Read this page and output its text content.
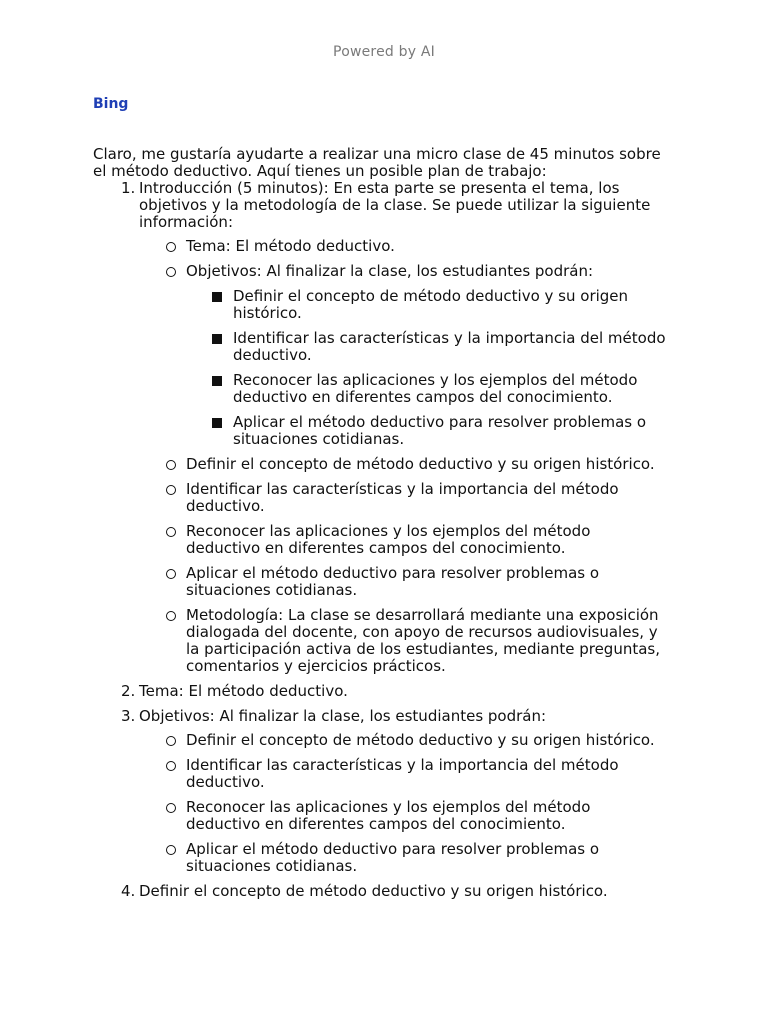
Powered by AI
Bing
Claro, me gustaría ayudarte a realizar una micro clase de 45 minutos sobre el método deductivo. Aquí tienes un posible plan de trabajo:
1. Introducción (5 minutos): En esta parte se presenta el tema, los objetivos y la metodología de la clase. Se puede utilizar la siguiente información:
Tema: El método deductivo.
Objetivos: Al finalizar la clase, los estudiantes podrán:
Definir el concepto de método deductivo y su origen histórico.
Identificar las características y la importancia del método deductivo.
Reconocer las aplicaciones y los ejemplos del método deductivo en diferentes campos del conocimiento.
Aplicar el método deductivo para resolver problemas o situaciones cotidianas.
Definir el concepto de método deductivo y su origen histórico.
Identificar las características y la importancia del método deductivo.
Reconocer las aplicaciones y los ejemplos del método deductivo en diferentes campos del conocimiento.
Aplicar el método deductivo para resolver problemas o situaciones cotidianas.
Metodología: La clase se desarrollará mediante una exposición dialogada del docente, con apoyo de recursos audiovisuales, y la participación activa de los estudiantes, mediante preguntas, comentarios y ejercicios prácticos.
2. Tema: El método deductivo.
3. Objetivos: Al finalizar la clase, los estudiantes podrán:
Definir el concepto de método deductivo y su origen histórico.
Identificar las características y la importancia del método deductivo.
Reconocer las aplicaciones y los ejemplos del método deductivo en diferentes campos del conocimiento.
Aplicar el método deductivo para resolver problemas o situaciones cotidianas.
4. Definir el concepto de método deductivo y su origen histórico.
